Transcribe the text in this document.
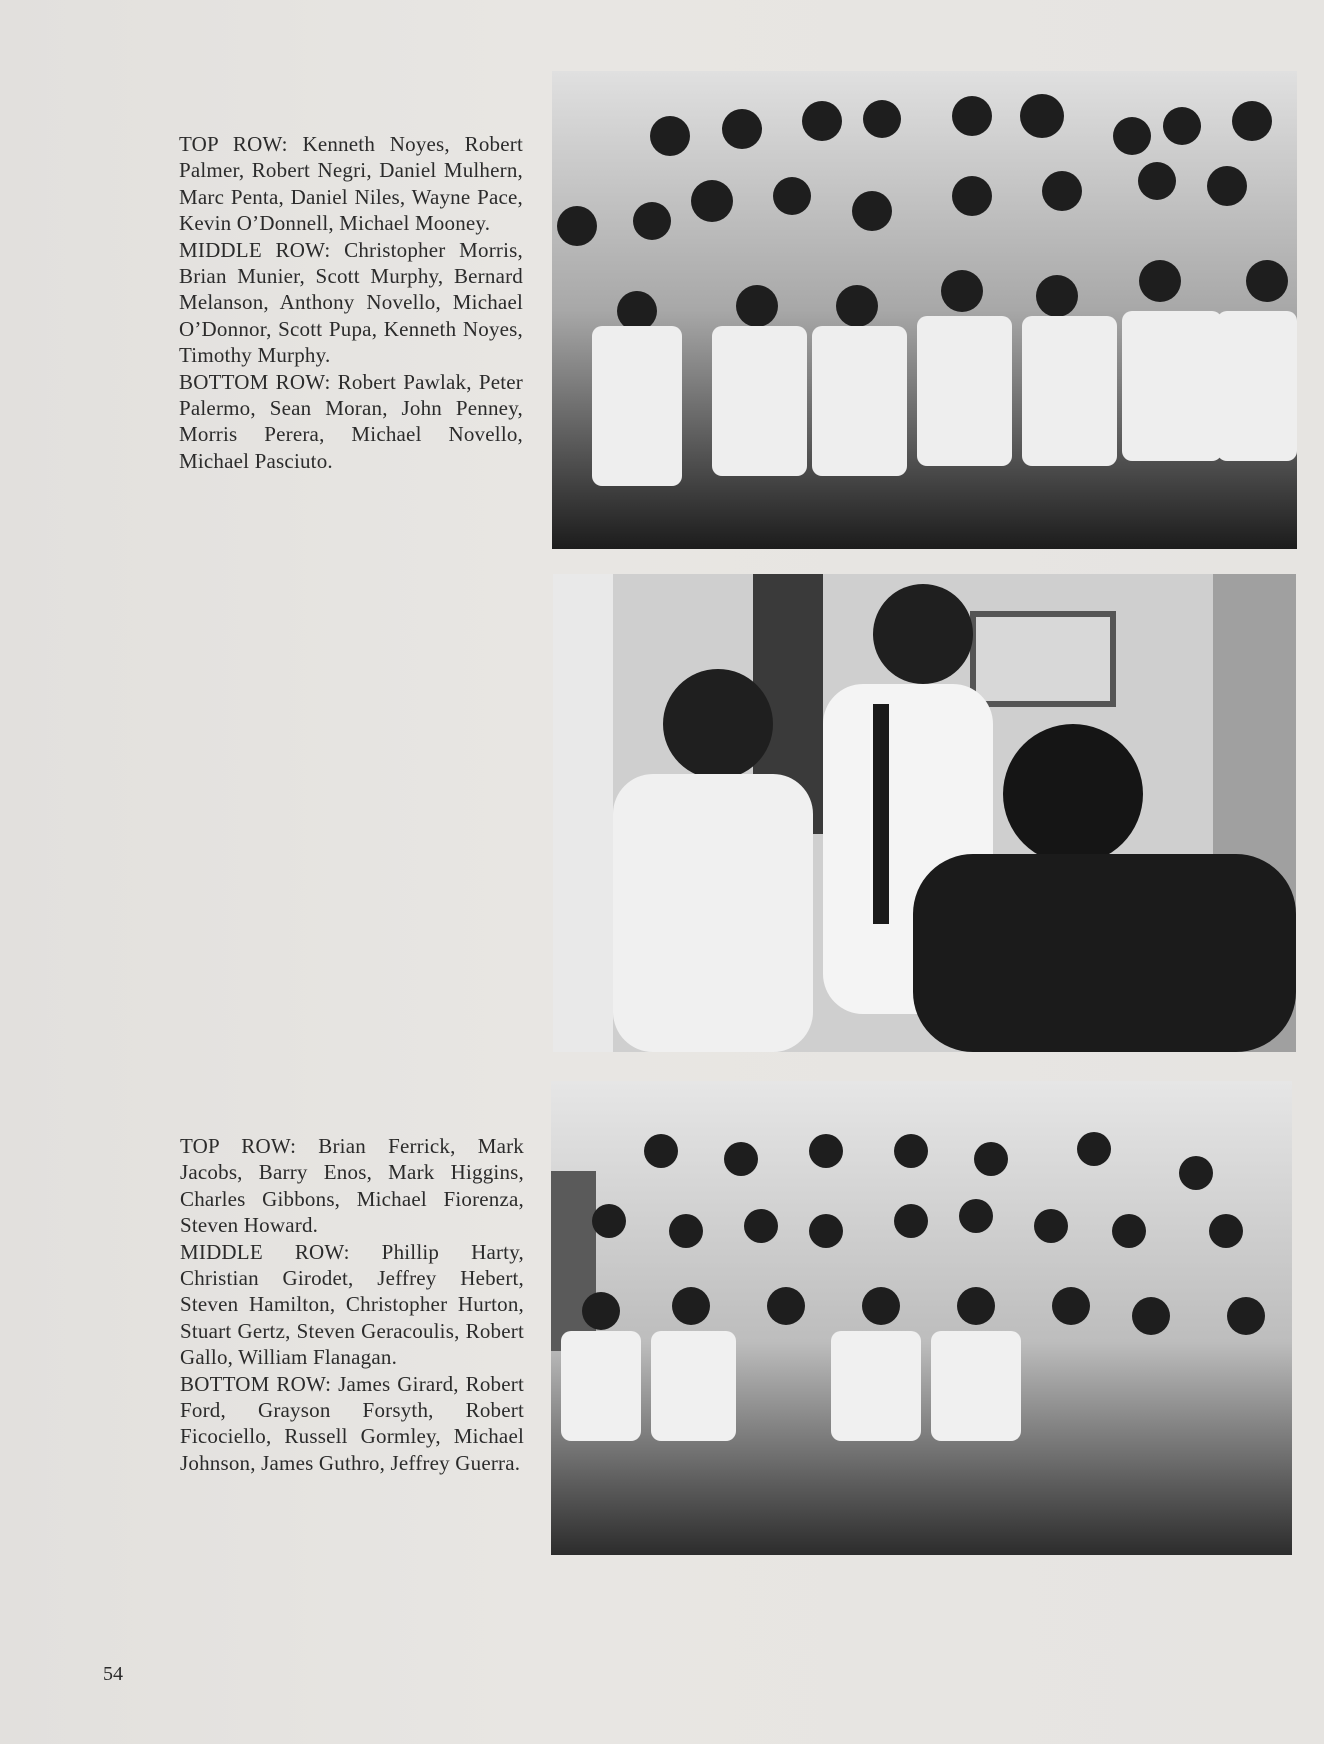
TOP ROW: Kenneth Noyes, Robert Palmer, Robert Negri, Daniel Mulhern, Marc Penta, Daniel Niles, Wayne Pace, Kevin O’Donnell, Michael Mooney.

MIDDLE ROW: Christopher Morris, Brian Munier, Scott Murphy, Bernard Melanson, Anthony Novello, Michael O’Donnor, Scott Pupa, Kenneth Noyes, Timothy Murphy.

BOTTOM ROW: Robert Pawlak, Peter Palermo, Sean Moran, John Penney, Morris Perera, Michael Novello, Michael Pasciuto.

TOP ROW: Brian Ferrick, Mark Jacobs, Barry Enos, Mark Higgins, Charles Gibbons, Michael Fiorenza, Steven Howard.

MIDDLE ROW: Phillip Harty, Christian Girodet, Jeffrey Hebert, Steven Hamilton, Christopher Hurton, Stuart Gertz, Steven Geracoulis, Robert Gallo, William Flanagan.

BOTTOM ROW: James Girard, Robert Ford, Grayson Forsyth, Robert Ficociello, Russell Gormley, Michael Johnson, James Guthro, Jeffrey Guerra.

54
